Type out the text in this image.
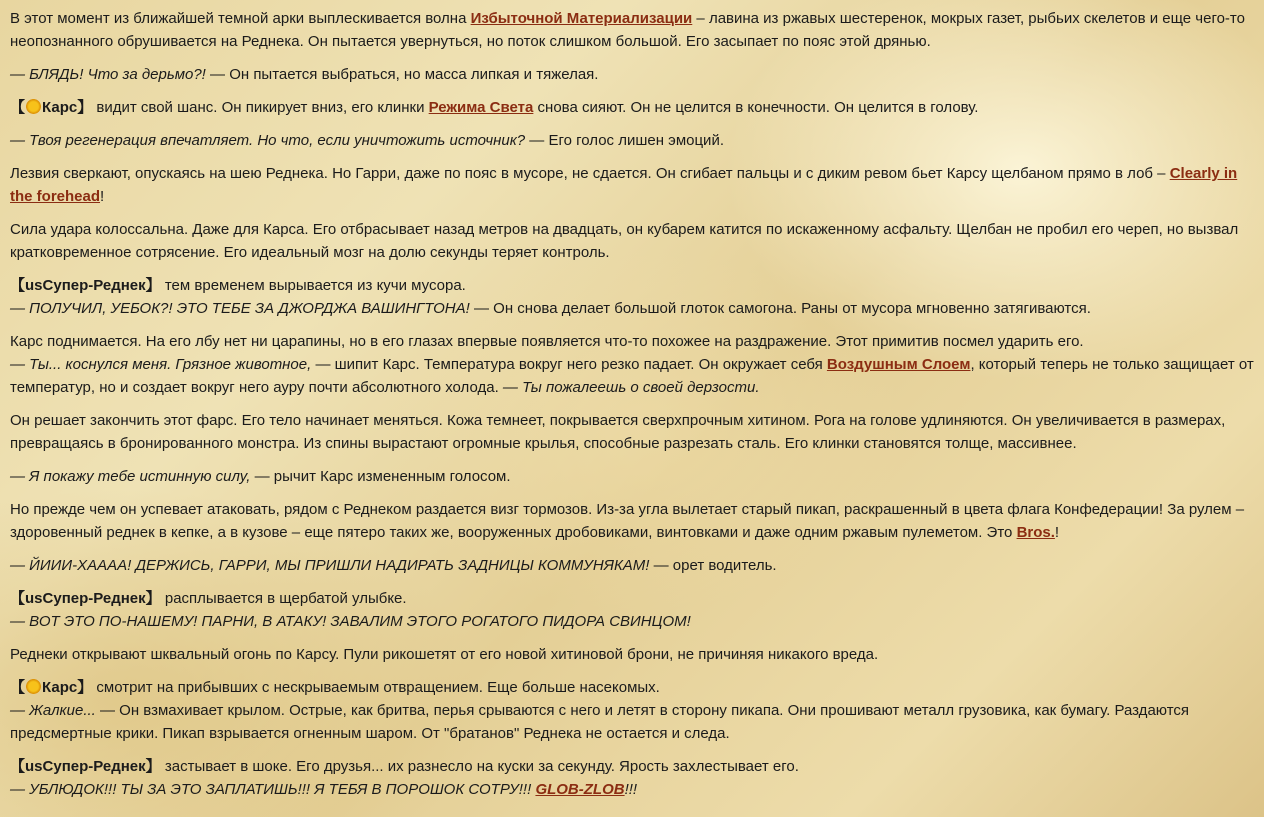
В этот момент из ближайшей темной арки выплескивается волна Избыточной Материализации – лавина из ржавых шестеренок, мокрых газет, рыбьих скелетов и еще чего-то неопознанного обрушивается на Реднека. Он пытается увернуться, но поток слишком большой. Его засыпает по пояс этой дрянью.

— БЛЯДЬ! Что за дерьмо?! — Он пытается выбраться, но масса липкая и тяжелая.

【 Карс】 видит свой шанс. Он пикирует вниз, его клинки Режима Света снова сияют. Он не целится в конечности. Он целится в голову.

— Твоя регенерация впечатляет. Но что, если уничтожить источник? — Его голос лишен эмоций.

Лезвия сверкают, опускаясь на шею Реднека. Но Гарри, даже по пояс в мусоре, не сдается. Он сгибает пальцы и с диким ревом бьет Карсу щелбаном прямо в лоб – Clearly in the forehead!

Сила удара колоссальна. Даже для Карса. Его отбрасывает назад метров на двадцать, он кубарем катится по искаженному асфальту. Щелбан не пробил его череп, но вызвал кратковременное сотрясение. Его идеальный мозг на долю секунды теряет контроль.

【usСупер-Реднек】 тем временем вырывается из кучи мусора.
— ПОЛУЧИЛ, УЕБОК?! ЭТО ТЕБЕ ЗА ДЖОРДЖА ВАШИНГТОНА! — Он снова делает большой глоток самогона. Раны от мусора мгновенно затягиваются.

Карс поднимается. На его лбу нет ни царапины, но в его глазах впервые появляется что-то похожее на раздражение. Этот примитив посмел ударить его.
— Ты... коснулся меня. Грязное животное, — шипит Карс. Температура вокруг него резко падает. Он окружает себя Воздушным Слоем, который теперь не только защищает от температур, но и создает вокруг него ауру почти абсолютного холода. — Ты пожалеешь о своей дерзости.

Он решает закончить этот фарс. Его тело начинает меняться. Кожа темнеет, покрывается сверхпрочным хитином. Рога на голове удлиняются. Он увеличивается в размерах, превращаясь в бронированного монстра. Из спины вырастают огромные крылья, способные разрезать сталь. Его клинки становятся толще, массивнее.

— Я покажу тебе истинную силу, — рычит Карс измененным голосом.

Но прежде чем он успевает атаковать, рядом с Реднеком раздается визг тормозов. Из-за угла вылетает старый пикап, раскрашенный в цвета флага Конфедерации! За рулем – здоровенный реднек в кепке, а в кузове – еще пятеро таких же, вооруженных дробовиками, винтовками и даже одним ржавым пулеметом. Это Bros.!

— ЙИИИ-ХАААА! ДЕРЖИСЬ, ГАРРИ, МЫ ПРИШЛИ НАДИРАТЬ ЗАДНИЦЫ КОММУНЯКАМ! — орет водитель.

【usСупер-Реднек】 расплывается в щербатой улыбке.
— ВОТ ЭТО ПО-НАШЕМУ! ПАРНИ, В АТАКУ! ЗАВАЛИМ ЭТОГО РОГАТОГО ПИДОРА СВИНЦОМ!

Реднеки открывают шквальный огонь по Карсу. Пули рикошетят от его новой хитиновой брони, не причиняя никакого вреда.

【 Карс】 смотрит на прибывших с нескрываемым отвращением. Еще больше насекомых.
— Жалкие... — Он взмахивает крылом. Острые, как бритва, перья срываются с него и летят в сторону пикапа. Они прошивают металл грузовика, как бумагу. Раздаются предсмертные крики. Пикап взрывается огненным шаром. От "братанов" Реднека не остается и следа.

【usСупер-Реднек】 застывает в шоке. Его друзья... их разнесло на куски за секунду. Ярость захлестывает его.
— УБЛЮДОК!!! ТЫ ЗА ЭТО ЗАПЛАТИШЬ!!! Я ТЕБЯ В ПОРОШОК СОТРУ!!! GLOB-ZLOB!!!
